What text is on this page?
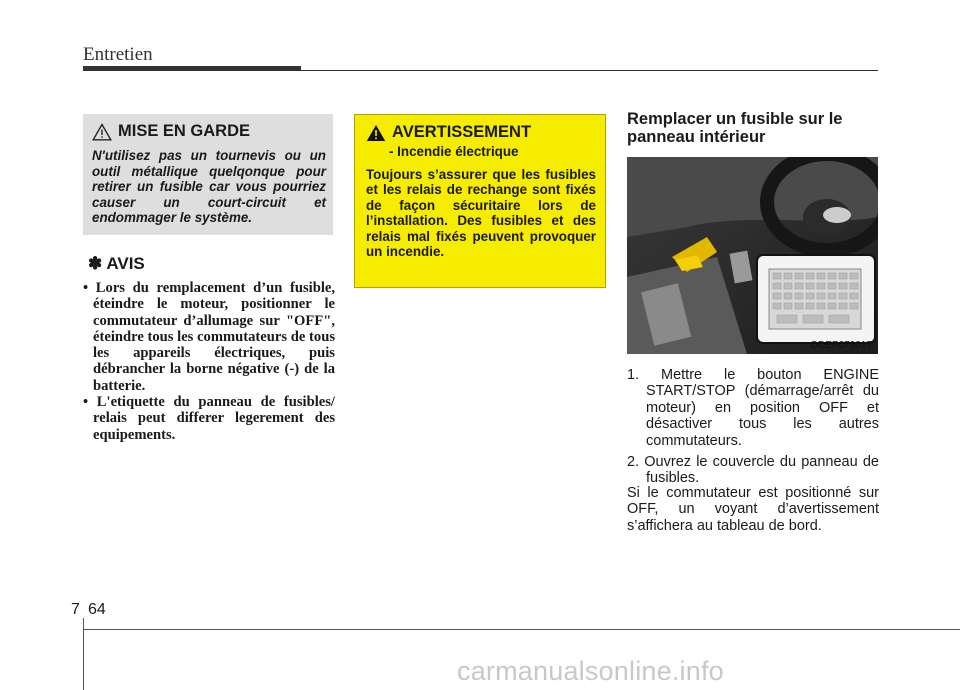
Entretien
MISE EN GARDE
N'utilisez pas un tournevis ou un outil métallique quelqonque pour retirer un fusible car vous pourriez causer un court-circuit et endommager le système.
✽ AVIS
• Lors du remplacement d’un fusible, éteindre le moteur, positionner le commutateur d’allumage sur "OFF", éteindre tous les commutateurs de tous les appareils électriques, puis débrancher la borne négative (-) de la batterie.
• L'etiquette du panneau de fusibles/ relais peut differer legerement des equipements.
AVERTISSEMENT
- Incendie électrique
Toujours s’assurer que les fusibles et les relais de rechange sont fixés de façon sécuritaire lors de l’installation. Des fusibles et des relais mal fixés peuvent provoquer un incendie.
Remplacer un fusible sur le panneau intérieur
ODEP079017
1. Mettre le bouton ENGINE START/STOP (démarrage/arrêt du moteur) en position OFF et désactiver tous les autres commutateurs.
2. Ouvrez le couvercle du panneau de fusibles.
Si le commutateur est positionné sur OFF, un voyant d’avertissement s’affichera au tableau de bord.
7 64
carmanualsonline.info
